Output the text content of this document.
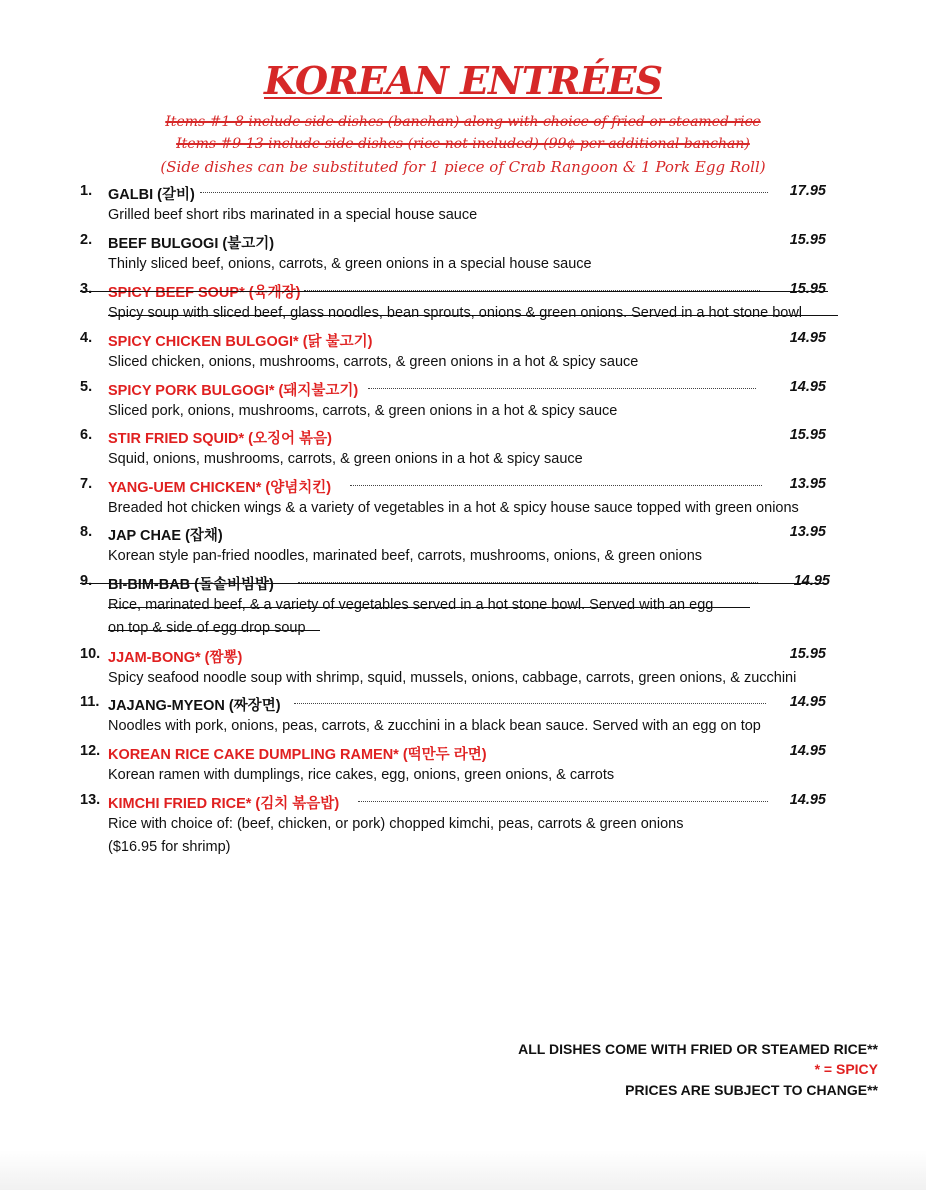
KOREAN ENTRÉES
Items #1-8 include side dishes (banchan) along with choice of fried or steamed rice
Items #9-13 include side dishes (rice not included) (99¢ per additional banchan)
(Side dishes can be substituted for 1 piece of Crab Rangoon & 1 Pork Egg Roll)
1. GALBI (갈비)	17.95
Grilled beef short ribs marinated in a special house sauce
2. BEEF BULGOGI (불고기)	15.95
Thinly sliced beef, onions, carrots, & green onions in a special house sauce
3. SPICY BEEF SOUP* (육개장)	15.95
Spicy soup with sliced beef, glass noodles, bean sprouts, onions & green onions. Served in a hot stone bowl
4. SPICY CHICKEN BULGOGI* (닭 불고기)	14.95
Sliced chicken, onions, mushrooms, carrots, & green onions in a hot & spicy sauce
5. SPICY PORK BULGOGI* (돼지불고기)	14.95
Sliced pork, onions, mushrooms, carrots, & green onions in a hot & spicy sauce
6. STIR FRIED SQUID* (오징어 볶음)	15.95
Squid, onions, mushrooms, carrots, & green onions in a hot & spicy sauce
7. YANG-UEM CHICKEN* (양념치킨)	13.95
Breaded hot chicken wings & a variety of vegetables in a hot & spicy house sauce topped with green onions
8. JAP CHAE (잡채)	13.95
Korean style pan-fried noodles, marinated beef, carrots, mushrooms, onions, & green onions
9. BI-BIM-BAB (돌솥비빔밥)	14.95
Rice, marinated beef, & a variety of vegetables served in a hot stone bowl. Served with an egg
on top & side of egg drop soup
10. JJAM-BONG* (짬뽕)	15.95
Spicy seafood noodle soup with shrimp, squid, mussels, onions, cabbage, carrots, green onions, & zucchini
11. JAJANG-MYEON (짜장면)	14.95
Noodles with pork, onions, peas, carrots, & zucchini in a black bean sauce. Served with an egg on top
12. KOREAN RICE CAKE DUMPLING RAMEN* (떡만두 라면)	14.95
Korean ramen with dumplings, rice cakes, egg, onions, green onions, & carrots
13. KIMCHI FRIED RICE* (김치 볶음밥)	14.95
Rice with choice of: (beef, chicken, or pork) chopped kimchi, peas, carrots & green onions
($16.95 for shrimp)
ALL DISHES COME WITH FRIED OR STEAMED RICE**
* = SPICY
PRICES ARE SUBJECT TO CHANGE**
